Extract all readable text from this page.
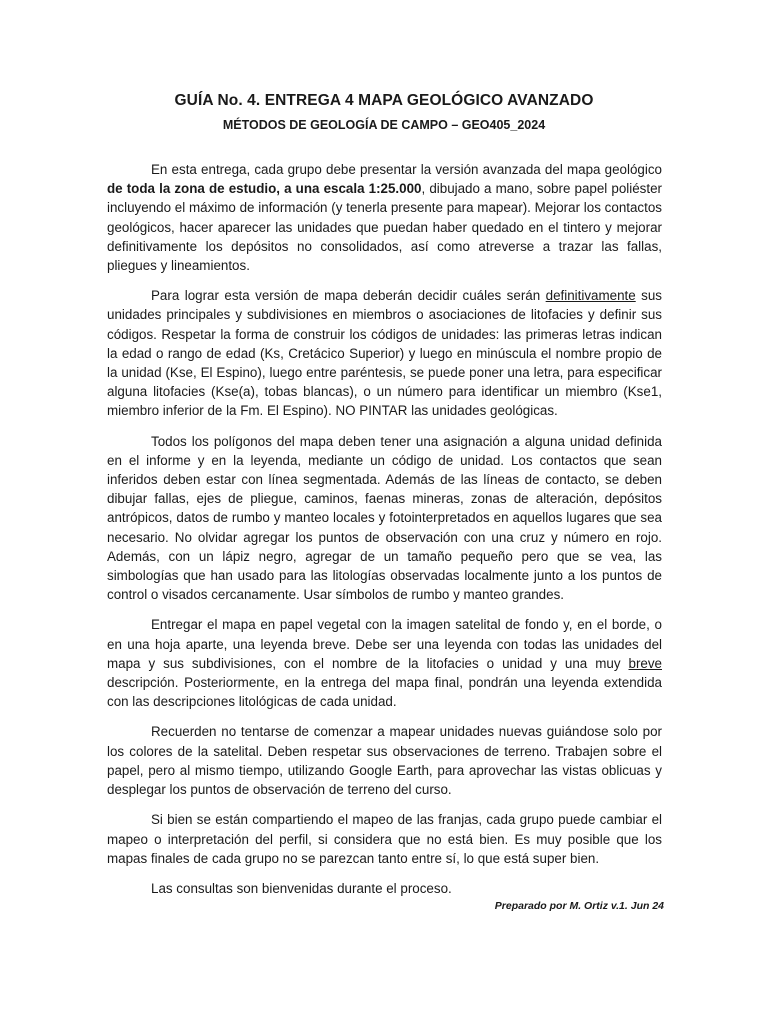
GUÍA No. 4. ENTREGA 4 MAPA GEOLÓGICO AVANZADO
MÉTODOS DE GEOLOGÍA DE CAMPO – GEO405_2024

En esta entrega, cada grupo debe presentar la versión avanzada del mapa geológico de toda la zona de estudio, a una escala 1:25.000, dibujado a mano, sobre papel poliéster incluyendo el máximo de información (y tenerla presente para mapear). Mejorar los contactos geológicos, hacer aparecer las unidades que puedan haber quedado en el tintero y mejorar definitivamente los depósitos no consolidados, así como atreverse a trazar las fallas, pliegues y lineamientos.

Para lograr esta versión de mapa deberán decidir cuáles serán definitivamente sus unidades principales y subdivisiones en miembros o asociaciones de litofacies y definir sus códigos. Respetar la forma de construir los códigos de unidades: las primeras letras indican la edad o rango de edad (Ks, Cretácico Superior) y luego en minúscula el nombre propio de la unidad (Kse, El Espino), luego entre paréntesis, se puede poner una letra, para especificar alguna litofacies (Kse(a), tobas blancas), o un número para identificar un miembro (Kse1, miembro inferior de la Fm. El Espino). NO PINTAR las unidades geológicas.

Todos los polígonos del mapa deben tener una asignación a alguna unidad definida en el informe y en la leyenda, mediante un código de unidad. Los contactos que sean inferidos deben estar con línea segmentada. Además de las líneas de contacto, se deben dibujar fallas, ejes de pliegue, caminos, faenas mineras, zonas de alteración, depósitos antrópicos, datos de rumbo y manteo locales y fotointerpretados en aquellos lugares que sea necesario. No olvidar agregar los puntos de observación con una cruz y número en rojo. Además, con un lápiz negro, agregar de un tamaño pequeño pero que se vea, las simbologías que han usado para las litologías observadas localmente junto a los puntos de control o visados cercanamente. Usar símbolos de rumbo y manteo grandes.

Entregar el mapa en papel vegetal con la imagen satelital de fondo y, en el borde, o en una hoja aparte, una leyenda breve. Debe ser una leyenda con todas las unidades del mapa y sus subdivisiones, con el nombre de la litofacies o unidad y una muy breve descripción. Posteriormente, en la entrega del mapa final, pondrán una leyenda extendida con las descripciones litológicas de cada unidad.

Recuerden no tentarse de comenzar a mapear unidades nuevas guiándose solo por los colores de la satelital. Deben respetar sus observaciones de terreno. Trabajen sobre el papel, pero al mismo tiempo, utilizando Google Earth, para aprovechar las vistas oblicuas y desplegar los puntos de observación de terreno del curso.

Si bien se están compartiendo el mapeo de las franjas, cada grupo puede cambiar el mapeo o interpretación del perfil, si considera que no está bien. Es muy posible que los mapas finales de cada grupo no se parezcan tanto entre sí, lo que está super bien.

Las consultas son bienvenidas durante el proceso.

Preparado por M. Ortiz v.1. Jun 24
